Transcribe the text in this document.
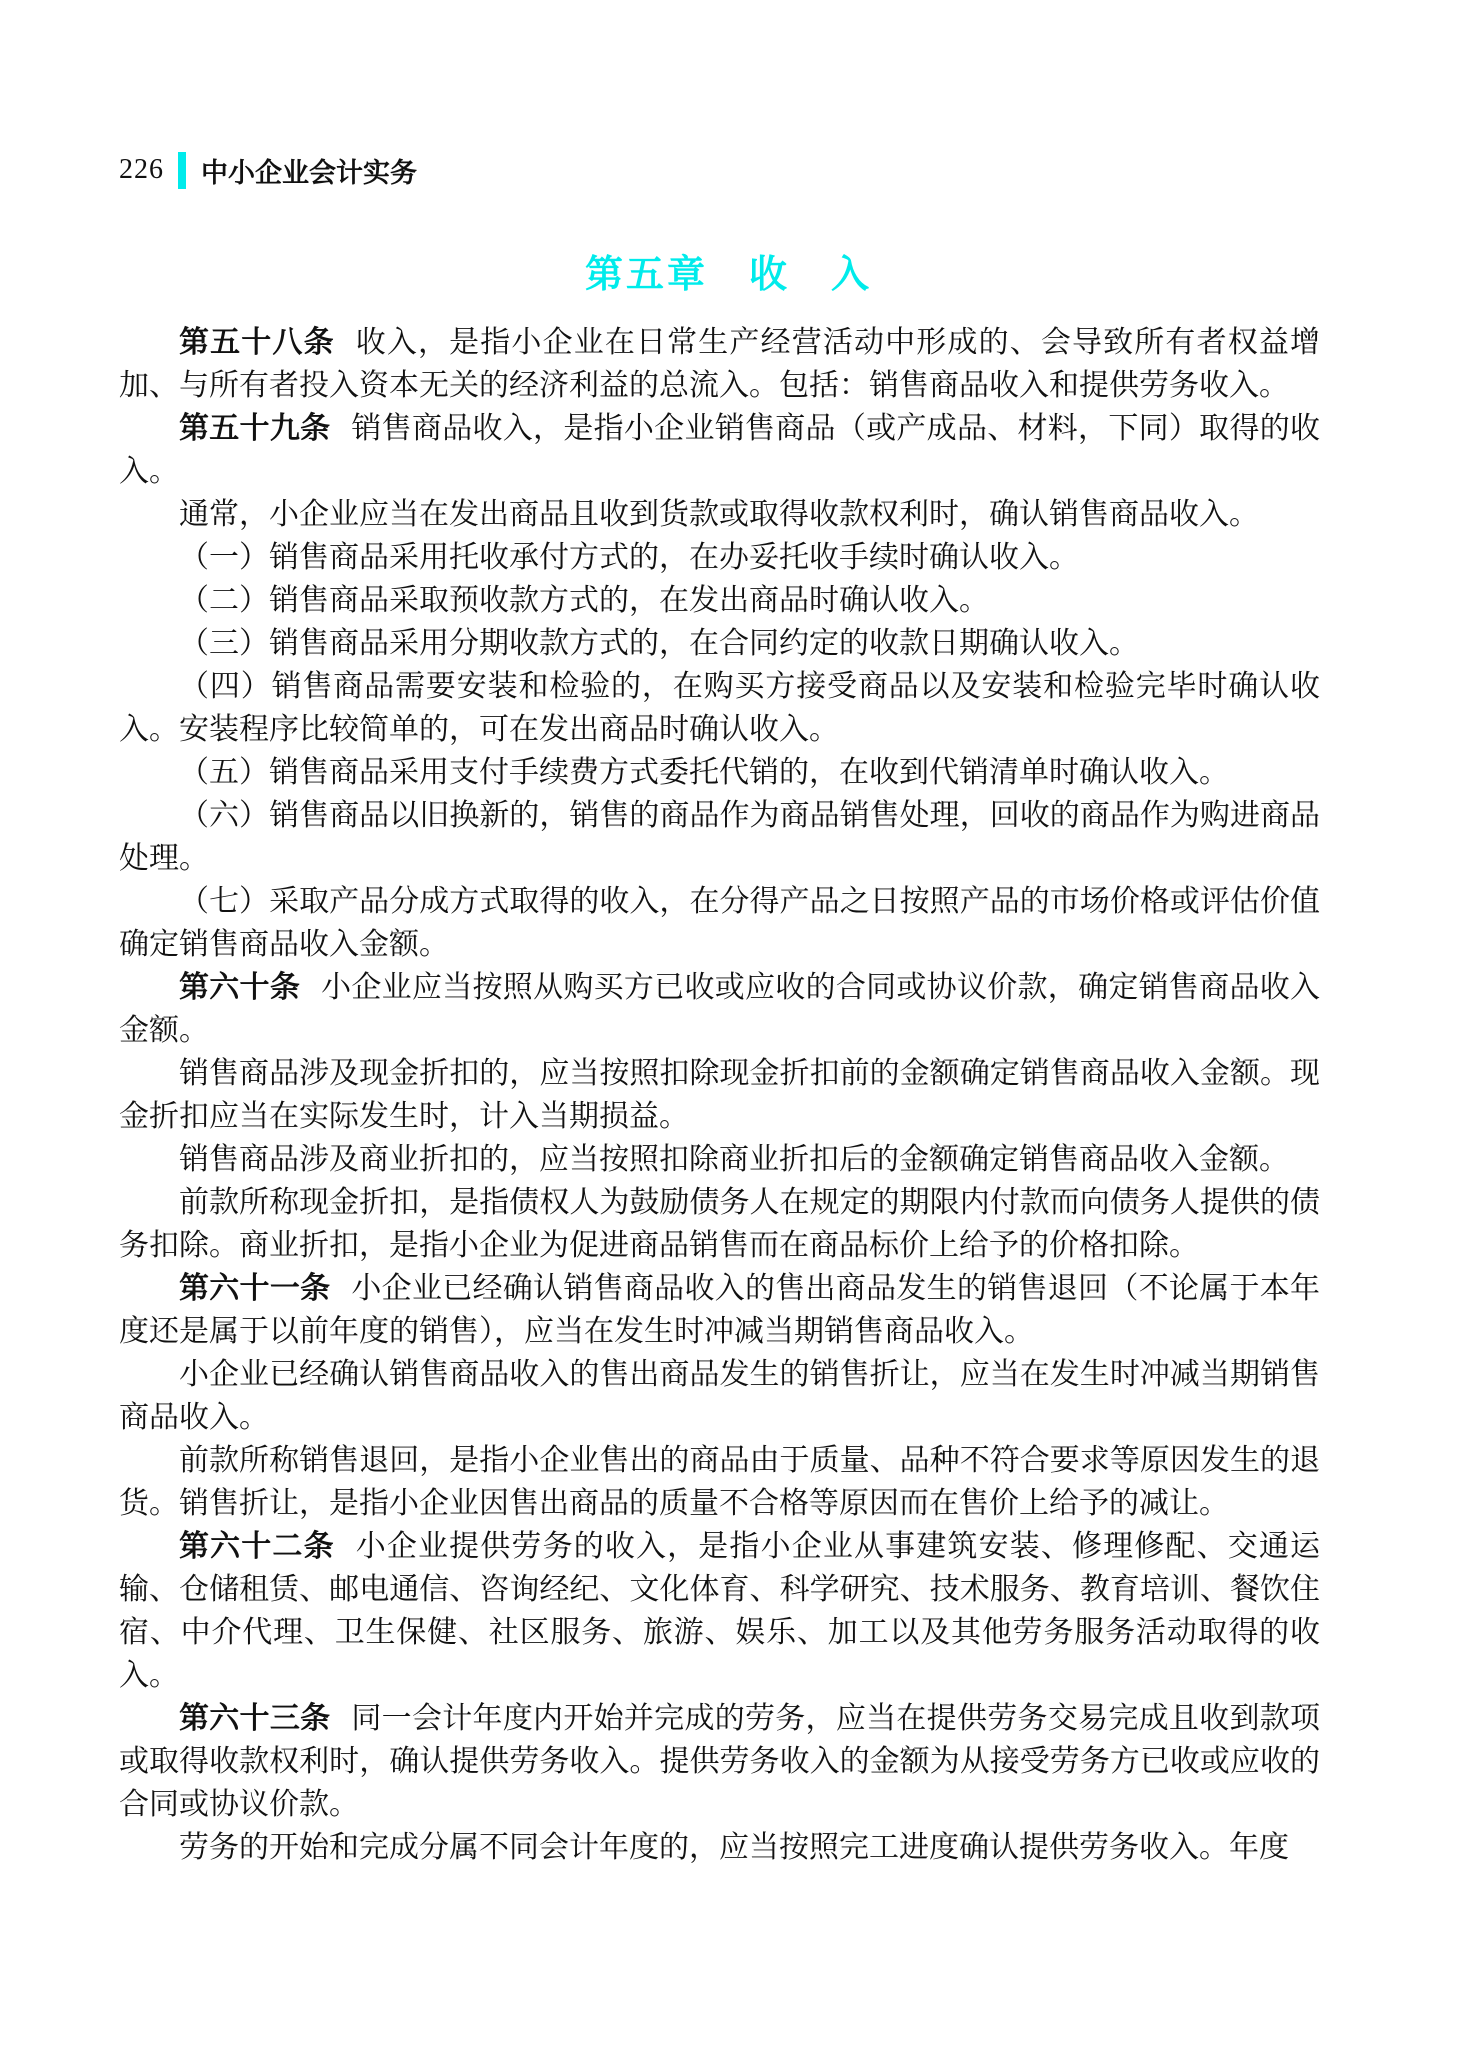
226 中小企业会计实务
第五章　收　入

第五十八条 收入，是指小企业在日常生产经营活动中形成的、会导致所有者权益增加、与所有者投入资本无关的经济利益的总流入。包括：销售商品收入和提供劳务收入。

第五十九条 销售商品收入，是指小企业销售商品（或产成品、材料，下同）取得的收入。

通常，小企业应当在发出商品且收到货款或取得收款权利时，确认销售商品收入。

（一）销售商品采用托收承付方式的，在办妥托收手续时确认收入。

（二）销售商品采取预收款方式的，在发出商品时确认收入。

（三）销售商品采用分期收款方式的，在合同约定的收款日期确认收入。

（四）销售商品需要安装和检验的，在购买方接受商品以及安装和检验完毕时确认收入。安装程序比较简单的，可在发出商品时确认收入。

（五）销售商品采用支付手续费方式委托代销的，在收到代销清单时确认收入。

（六）销售商品以旧换新的，销售的商品作为商品销售处理，回收的商品作为购进商品处理。

（七）采取产品分成方式取得的收入，在分得产品之日按照产品的市场价格或评估价值确定销售商品收入金额。

第六十条 小企业应当按照从购买方已收或应收的合同或协议价款，确定销售商品收入金额。

销售商品涉及现金折扣的，应当按照扣除现金折扣前的金额确定销售商品收入金额。现金折扣应当在实际发生时，计入当期损益。

销售商品涉及商业折扣的，应当按照扣除商业折扣后的金额确定销售商品收入金额。

前款所称现金折扣，是指债权人为鼓励债务人在规定的期限内付款而向债务人提供的债务扣除。商业折扣，是指小企业为促进商品销售而在商品标价上给予的价格扣除。

第六十一条 小企业已经确认销售商品收入的售出商品发生的销售退回（不论属于本年度还是属于以前年度的销售），应当在发生时冲减当期销售商品收入。

小企业已经确认销售商品收入的售出商品发生的销售折让，应当在发生时冲减当期销售商品收入。

前款所称销售退回，是指小企业售出的商品由于质量、品种不符合要求等原因发生的退货。销售折让，是指小企业因售出商品的质量不合格等原因而在售价上给予的减让。

第六十二条 小企业提供劳务的收入，是指小企业从事建筑安装、修理修配、交通运输、仓储租赁、邮电通信、咨询经纪、文化体育、科学研究、技术服务、教育培训、餐饮住宿、中介代理、卫生保健、社区服务、旅游、娱乐、加工以及其他劳务服务活动取得的收入。

第六十三条 同一会计年度内开始并完成的劳务，应当在提供劳务交易完成且收到款项或取得收款权利时，确认提供劳务收入。提供劳务收入的金额为从接受劳务方已收或应收的合同或协议价款。

劳务的开始和完成分属不同会计年度的，应当按照完工进度确认提供劳务收入。年度
